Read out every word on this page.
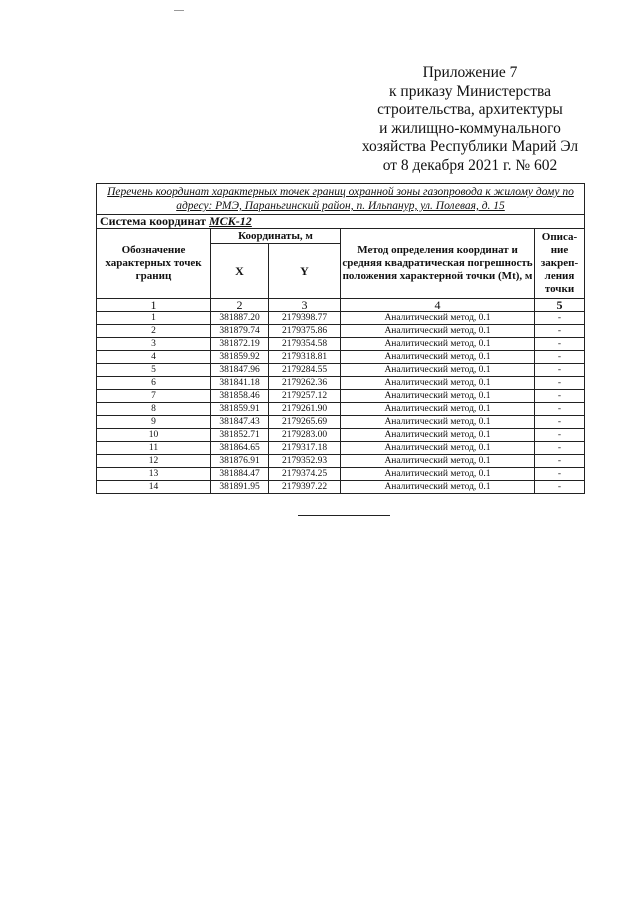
Приложение 7
к приказу Министерства
строительства, архитектуры
и жилищно-коммунального
хозяйства Республики Марий Эл
от 8 декабря 2021 г. № 602
Перечень координат характерных точек границ охранной зоны газопровода к жилому дому по адресу: РМЭ, Параньгинский район, п. Ильпанур, ул. Полевая, д. 15				
Система координат МСК-12				
Обозначение характерных точек границ	Координаты, м		Метод определения координат и средняя квадратическая погрешность положения характерной точки (Mt), м	Описа-ние закреп-ления точки
	X	Y		
1	2	3	4	5
1	381887.20	2179398.77	Аналитический метод, 0.1	-
2	381879.74	2179375.86	Аналитический метод, 0.1	-
3	381872.19	2179354.58	Аналитический метод, 0.1	-
4	381859.92	2179318.81	Аналитический метод, 0.1	-
5	381847.96	2179284.55	Аналитический метод, 0.1	-
6	381841.18	2179262.36	Аналитический метод, 0.1	-
7	381858.46	2179257.12	Аналитический метод, 0.1	-
8	381859.91	2179261.90	Аналитический метод, 0.1	-
9	381847.43	2179265.69	Аналитический метод, 0.1	-
10	381852.71	2179283.00	Аналитический метод, 0.1	-
11	381864.65	2179317.18	Аналитический метод, 0.1	-
12	381876.91	2179352.93	Аналитический метод, 0.1	-
13	381884.47	2179374.25	Аналитический метод, 0.1	-
14	381891.95	2179397.22	Аналитический метод, 0.1	-
